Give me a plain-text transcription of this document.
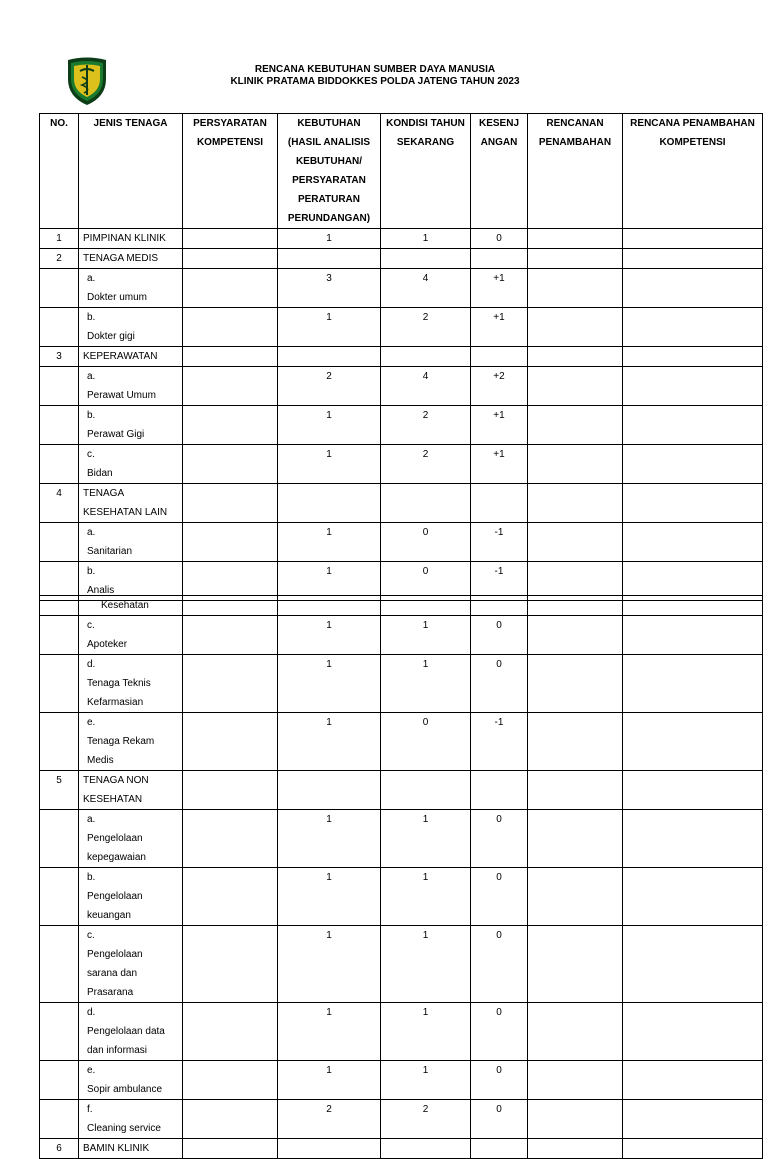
RENCANA KEBUTUHAN SUMBER DAYA MANUSIA
KLINIK PRATAMA BIDDOKKES POLDA JATENG TAHUN 2023
NO.	JENIS TENAGA	PERSYARATAN KOMPETENSI	KEBUTUHAN (HASIL ANALISIS KEBUTUHAN/ PERSYARATAN PERATURAN PERUNDANGAN)	KONDISI TAHUN SEKARANG	KESENJ ANGAN	RENCANAN PENAMBAHAN	RENCANA PENAMBAHAN KOMPETENSI
1	PIMPINAN KLINIK		1	1	0		
2	TENAGA MEDIS						
	a.Dokter umum		3	4	+1		
	b.Dokter gigi		1	2	+1		
3	KEPERAWATAN						
	a.Perawat Umum		2	4	+2		
	b.Perawat Gigi		1	2	+1		
	c.Bidan		1	2	+1		
4	TENAGA KESEHATAN LAIN						
	a.Sanitarian		1	0	-1		
	b.Analis		1	0	-1		
	Kesehatan						
	c.Apoteker		1	1	0		
	d.Tenaga Teknis Kefarmasian		1	1	0		
	e.Tenaga Rekam Medis		1	0	-1		
5	TENAGA NON KESEHATAN						
	a.Pengelolaan kepegawaian		1	1	0		
	b.Pengelolaan keuangan		1	1	0		
	c.Pengelolaan sarana dan Prasarana		1	1	0		
	d.Pengelolaan data dan informasi		1	1	0		
	e.Sopir ambulance		1	1	0		
	f.Cleaning service		2	2	0		
6	BAMIN KLINIK						
